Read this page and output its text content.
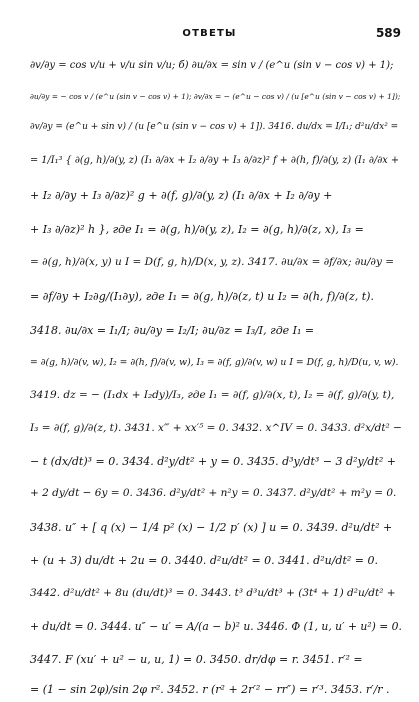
ОТВЕТЫ	589
∂v/∂y = cos v/u + v/u sin v/u; б) ∂u/∂x = sin v / (e^u (sin v − cos v) + 1);
∂u/∂y = − cos v / (e^u (sin v − cos v) + 1); ∂v/∂x = − (e^u − cos v) / (u [e^u (sin v − cos v) + 1]);
∂v/∂y = (e^u + sin v) / (u [e^u (sin v − cos v) + 1]). 3416. du/dx = I/I₁; d²u/dx² =
= 1/I₁³ { ∂(g, h)/∂(y, z) (I₁ ∂/∂x + I₂ ∂/∂y + I₃ ∂/∂z)² f + ∂(h, f)/∂(y, z) (I₁ ∂/∂x +
+ I₂ ∂/∂y + I₃ ∂/∂z)² g + ∂(f, g)/∂(y, z) (I₁ ∂/∂x + I₂ ∂/∂y +
+ I₃ ∂/∂z)² h }, где I₁ = ∂(g, h)/∂(y, z), I₂ = ∂(g, h)/∂(z, x), I₃ =
= ∂(g, h)/∂(x, y) и I = D(f, g, h)/D(x, y, z). 3417. ∂u/∂x = ∂f/∂x; ∂u/∂y =
= ∂f/∂y + I₂∂g/(I₁∂y), где I₁ = ∂(g, h)/∂(z, t) и I₂ = ∂(h, f)/∂(z, t).
3418. ∂u/∂x = I₁/I; ∂u/∂y = I₂/I; ∂u/∂z = I₃/I, где I₁ =
= ∂(g, h)/∂(v, w), I₂ = ∂(h, f)/∂(v, w), I₃ = ∂(f, g)/∂(v, w) и I = D(f, g, h)/D(u, v, w).
3419. dz = − (I₁dx + I₂dy)/I₃, где I₁ = ∂(f, g)/∂(x, t), I₂ = ∂(f, g)/∂(y, t),
I₃ = ∂(f, g)/∂(z, t). 3431. x‴ + xx′⁵ = 0. 3432. x^IV = 0. 3433. d²x/dt² −
− t (dx/dt)³ = 0. 3434. d²y/dt² + y = 0. 3435. d³y/dt³ − 3 d²y/dt² +
+ 2 dy/dt − 6y = 0. 3436. d²y/dt² + n²y = 0. 3437. d²y/dt² + m²y = 0.
3438. u″ + [ q (x) − 1/4 p² (x) − 1/2 p′ (x) ] u = 0. 3439. d²u/dt² +
+ (u + 3) du/dt + 2u = 0. 3440. d²u/dt² = 0. 3441. d²u/dt² = 0.
3442. d²u/dt² + 8u (du/dt)³ = 0. 3443. t³ d³u/dt³ + (3t⁴ + 1) d²u/dt² +
+ du/dt = 0. 3444. u″ − u′ = A/(a − b)² u. 3446. Φ (1, u, u′ + u²) = 0.
3447. F (xu′ + u² − u, u, 1) = 0. 3450. dr/dφ = r. 3451. r′² =
= (1 − sin 2φ)/sin 2φ r². 3452. r (r² + 2r′² − rr″) = r′³. 3453. r′/r .
